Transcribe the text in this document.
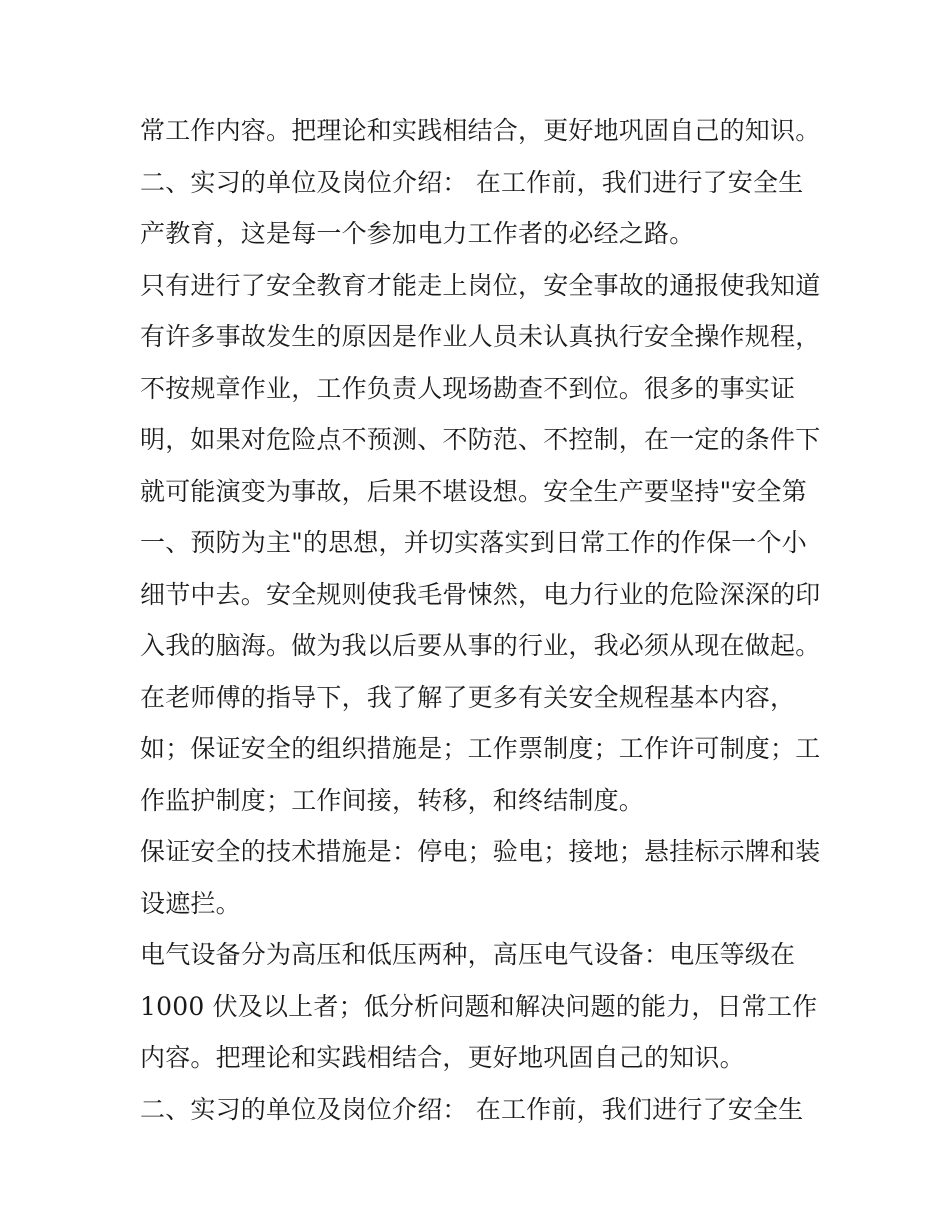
常工作内容。把理论和实践相结合，更好地巩固自己的知识。
二、实习的单位及岗位介绍： 在工作前，我们进行了安全生
产教育，这是每一个参加电力工作者的必经之路。
只有进行了安全教育才能走上岗位，安全事故的通报使我知道
有许多事故发生的原因是作业人员未认真执行安全操作规程，
不按规章作业，工作负责人现场勘查不到位。很多的事实证
明，如果对危险点不预测、不防范、不控制，在一定的条件下
就可能演变为事故，后果不堪设想。安全生产要坚持"安全第
一、预防为主"的思想，并切实落实到日常工作的作保一个小
细节中去。安全规则使我毛骨悚然，电力行业的危险深深的印
入我的脑海。做为我以后要从事的行业，我必须从现在做起。
在老师傅的指导下，我了解了更多有关安全规程基本内容，
如；保证安全的组织措施是；工作票制度；工作许可制度；工
作监护制度；工作间接，转移，和终结制度。
保证安全的技术措施是：停电；验电；接地；悬挂标示牌和装
设遮拦。
电气设备分为高压和低压两种，高压电气设备：电压等级在
1000 伏及以上者；低分析问题和解决问题的能力，日常工作
内容。把理论和实践相结合，更好地巩固自己的知识。
二、实习的单位及岗位介绍： 在工作前，我们进行了安全生
